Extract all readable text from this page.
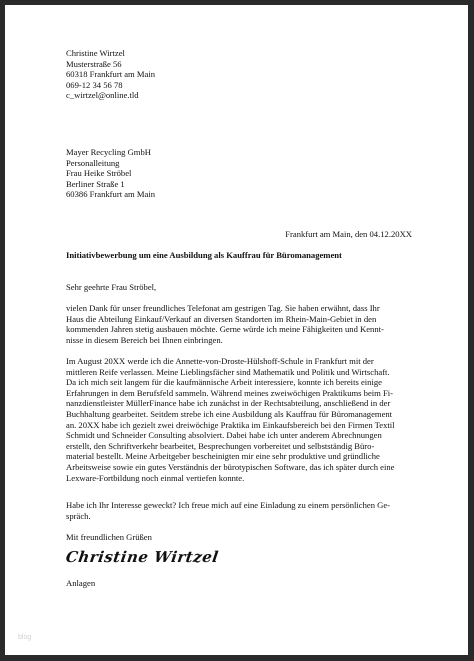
Christine Wirtzel
Musterstraße 56
60318 Frankfurt am Main
069-12 34 56 78
c_wirtzel@online.tld
Mayer Recycling GmbH
Personalleitung
Frau Heike Ströbel
Berliner Straße 1
60386 Frankfurt am Main
Frankfurt am Main, den 04.12.20XX
Initiativbewerbung um eine Ausbildung als Kauffrau für Büromanagement
Sehr geehrte Frau Ströbel,
vielen Dank für unser freundliches Telefonat am gestrigen Tag. Sie haben erwähnt, dass Ihr
Haus die Abteilung Einkauf/Verkauf an diversen Standorten im Rhein-Main-Gebiet in den
kommenden Jahren stetig ausbauen möchte. Gerne würde ich meine Fähigkeiten und Kennt-
nisse in diesem Bereich bei Ihnen einbringen.
Im August 20XX werde ich die Annette-von-Droste-Hülshoff-Schule in Frankfurt mit der
mittleren Reife verlassen. Meine Lieblingsfächer sind Mathematik und Politik und Wirtschaft.
Da ich mich seit langem für die kaufmännische Arbeit interessiere, konnte ich bereits einige
Erfahrungen in dem Berufsfeld sammeln. Während meines zweiwöchigen Praktikums beim Fi-
nanzdienstleister MüllerFinance habe ich zunächst in der Rechtsabteilung, anschließend in der
Buchhaltung gearbeitet. Seitdem strebe ich eine Ausbildung als Kauffrau für Büromanagement
an. 20XX habe ich gezielt zwei dreiwöchige Praktika im Einkaufsbereich bei den Firmen Textil
Schmidt und Schneider Consulting absolviert. Dabei habe ich unter anderem Abrechnungen
erstellt, den Schriftverkehr bearbeitet, Besprechungen vorbereitet und selbstständig Büro-
material bestellt. Meine Arbeitgeber bescheinigten mir eine sehr produktive und gründliche
Arbeitsweise sowie ein gutes Verständnis der bürotypischen Software, das ich später durch eine
Lexware-Fortbildung noch einmal vertiefen konnte.
Habe ich Ihr Interesse geweckt? Ich freue mich auf eine Einladung zu einem persönlichen Ge-
spräch.
Mit freundlichen Grüßen
Christine Wirtzel
Anlagen
blog
